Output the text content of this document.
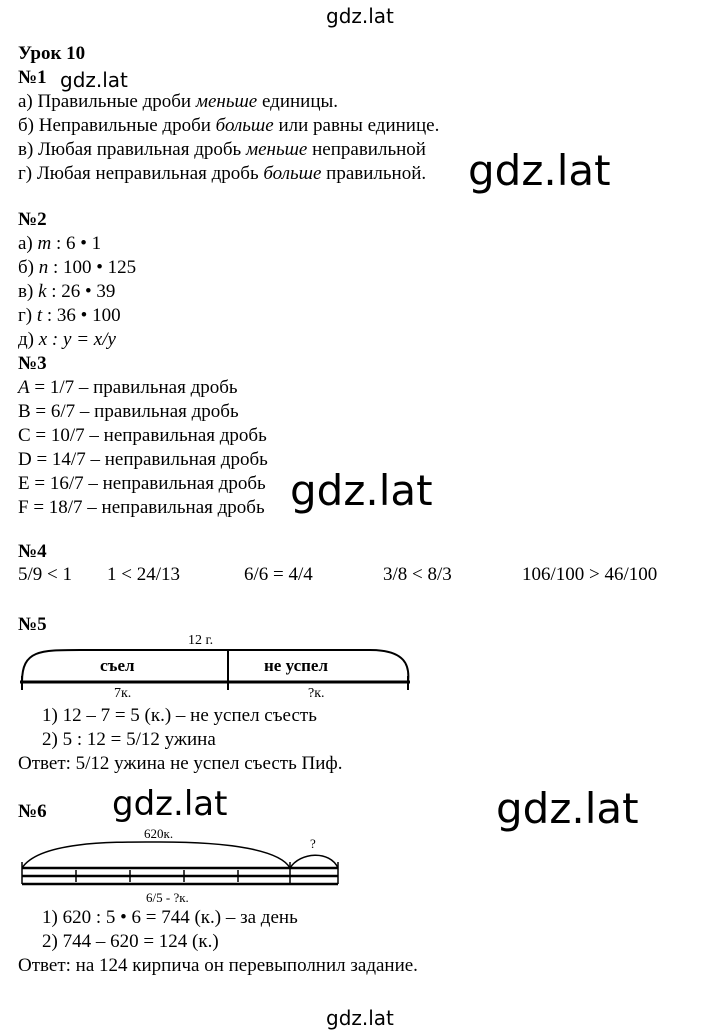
gdz.lat
gdz.lat
gdz.lat
gdz.lat
gdz.lat	gdz.lat
gdz.lat
Урок 10
№1
а) Правильные дроби меньше единицы.
б) Неправильные дроби больше или равны единице.
в) Любая правильная дробь меньше неправильной
г) Любая неправильная дробь больше правильной.
№2
а) m : 6 • 1
б) n : 100 • 125
в) k : 26 • 39
г) t : 36 • 100
д) x : y = x/y
№3
A = 1/7 – правильная дробь
B = 6/7 – правильная дробь
C = 10/7 – неправильная дробь
D = 14/7 – неправильная дробь
E = 16/7 – неправильная дробь
F = 18/7 – неправильная дробь
№4
5/9 < 1 1 < 24/13	6/6 = 4/4	3/8 < 8/3	106/100 > 46/100
№5
12 г.
съел	не успел
7к.	?к.
1) 12 – 7 = 5 (к.) – не успел съесть
2) 5 : 12 = 5/12 ужина
Ответ: 5/12 ужина не успел съесть Пиф.
№6
620к.
?
6/5 - ?к.
1) 620 : 5 • 6 = 744 (к.) – за день
2) 744 – 620 = 124 (к.)
Ответ: на 124 кирпича он перевыполнил задание.
